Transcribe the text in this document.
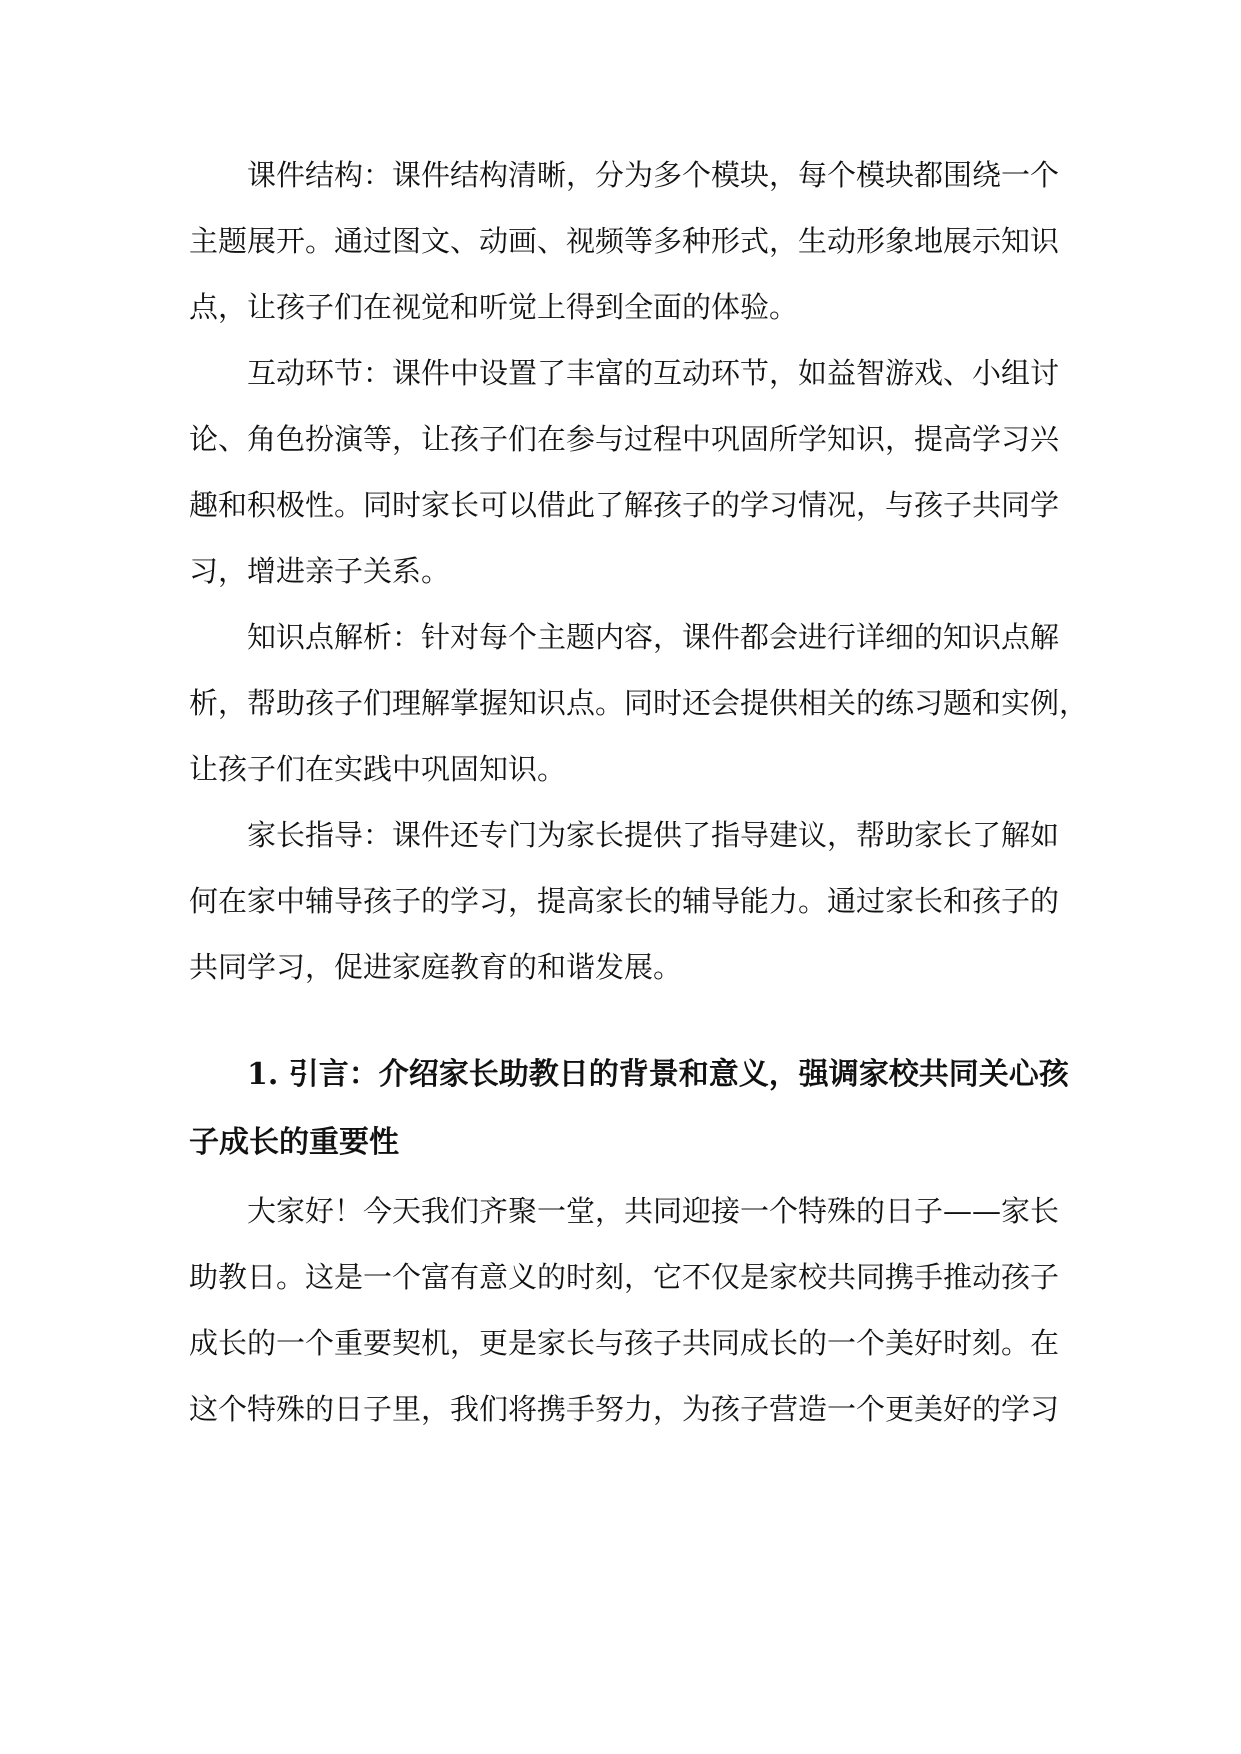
课件结构：课件结构清晰，分为多个模块，每个模块都围绕一个
主题展开。通过图文、动画、视频等多种形式，生动形象地展示知识
点，让孩子们在视觉和听觉上得到全面的体验。
互动环节：课件中设置了丰富的互动环节，如益智游戏、小组讨
论、角色扮演等，让孩子们在参与过程中巩固所学知识，提高学习兴
趣和积极性。同时家长可以借此了解孩子的学习情况，与孩子共同学
习，增进亲子关系。
知识点解析：针对每个主题内容，课件都会进行详细的知识点解
析，帮助孩子们理解掌握知识点。同时还会提供相关的练习题和实例，
让孩子们在实践中巩固知识。
家长指导：课件还专门为家长提供了指导建议，帮助家长了解如
何在家中辅导孩子的学习，提高家长的辅导能力。通过家长和孩子的
共同学习，促进家庭教育的和谐发展。
1. 引言：介绍家长助教日的背景和意义，强调家校共同关心孩
子成长的重要性
大家好！今天我们齐聚一堂，共同迎接一个特殊的日子——家长
助教日。这是一个富有意义的时刻，它不仅是家校共同携手推动孩子
成长的一个重要契机，更是家长与孩子共同成长的一个美好时刻。在
这个特殊的日子里，我们将携手努力，为孩子营造一个更美好的学习
